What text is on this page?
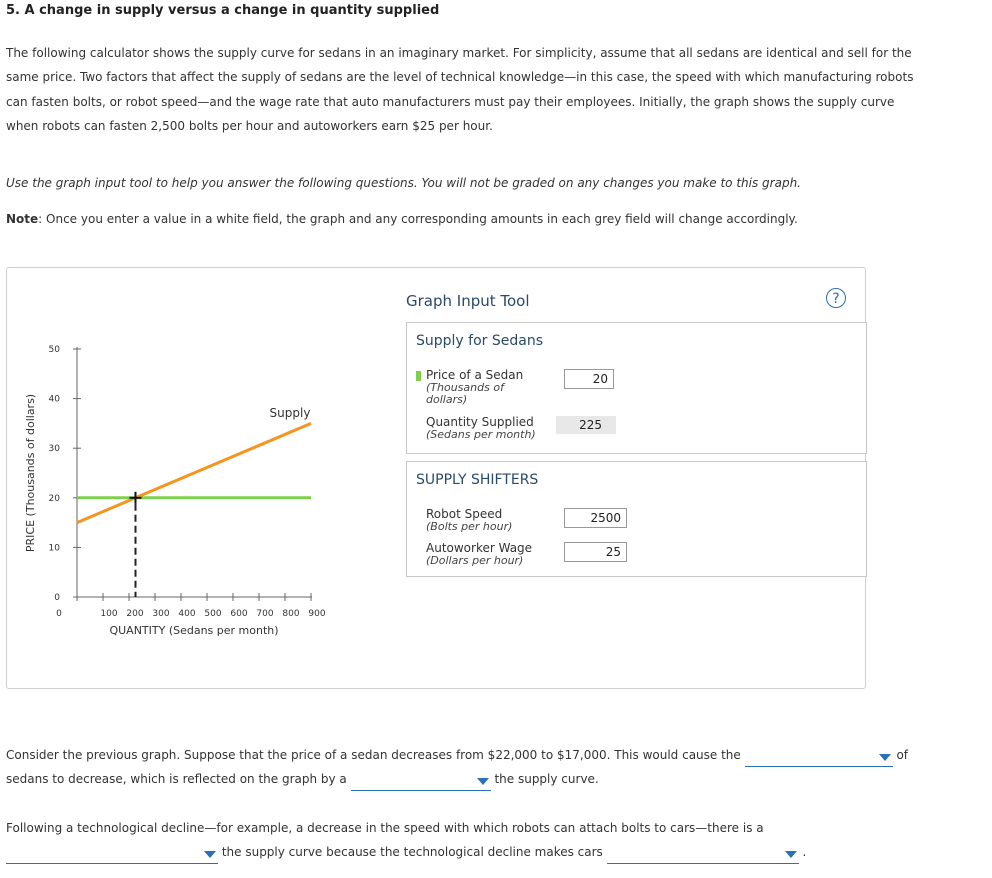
5. A change in supply versus a change in quantity supplied
The following calculator shows the supply curve for sedans in an imaginary market. For simplicity, assume that all sedans are identical and sell for the same price. Two factors that affect the supply of sedans are the level of technical knowledge—in this case, the speed with which manufacturing robots can fasten bolts, or robot speed—and the wage rate that auto manufacturers must pay their employees. Initially, the graph shows the supply curve when robots can fasten 2,500 bolts per hour and autoworkers earn $25 per hour.
Use the graph input tool to help you answer the following questions. You will not be graded on any changes you make to this graph.
Note: Once you enter a value in a white field, the graph and any corresponding amounts in each grey field will change accordingly.
PRICE (Thousands of dollars)
0
10
20
30
40
50
0	100 200 300 400 500 600 700 800 900
Supply
QUANTITY (Sedans per month)
Graph Input Tool	?
Supply for Sedans
Price of a Sedan
(Thousands of
dollars)
20
Quantity Supplied
(Sedans per month)
225
SUPPLY SHIFTERS
Robot Speed
(Bolts per hour)
2500
Autoworker Wage
(Dollars per hour)
25
Consider the previous graph. Suppose that the price of a sedan decreases from $22,000 to $17,000. This would cause the	of
sedans to decrease, which is reflected on the graph by a	the supply curve.
Following a technological decline—for example, a decrease in the speed with which robots can attach bolts to cars—there is a

the supply curve because the technological decline makes cars	.
